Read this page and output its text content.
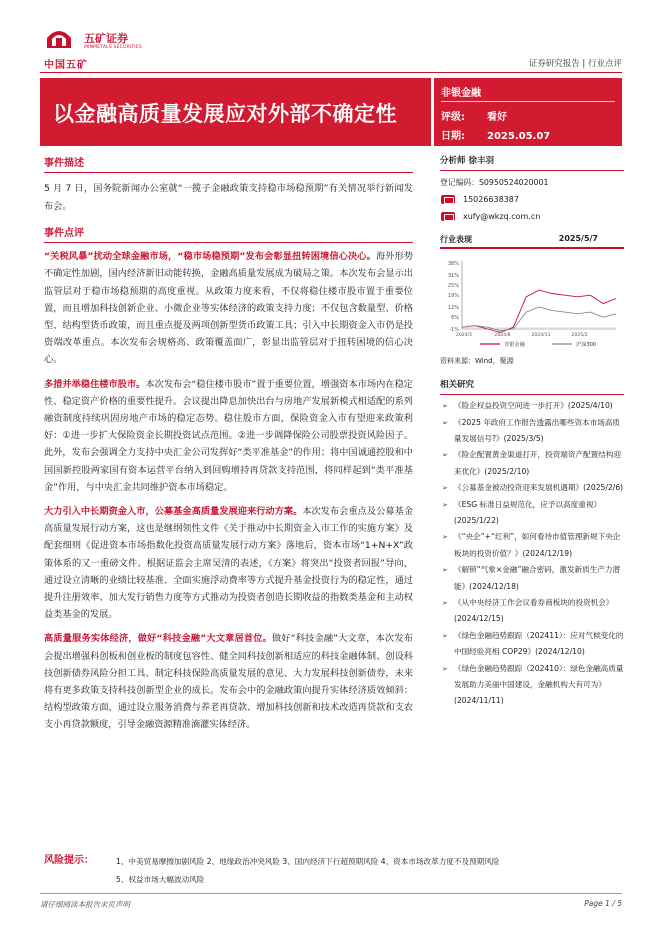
中国五矿
五矿证券
MINMETALS SECURITIES
证券研究报告 | 行业点评
以金融高质量发展应对外部不确定性
非银金融
评级: 看好
日期: 2025.05.07
事件描述

5 月 7 日，国务院新闻办公室就“一揽子金融政策支持稳市场稳预期”有关情况举行新闻发布会。

事件点评

“关税风暴”扰动全球金融市场，“稳市场稳预期”发布会彰显扭转困境信心决心。海外形势不确定性加剧，国内经济新旧动能转换，金融高质量发展成为破局之策。本次发布会显示出监管层对于稳市场稳预期的高度重视。从政策力度来看，不仅将稳住楼市股市置于重要位置，而且增加科技创新企业、小微企业等实体经济的政策支持力度；不仅包含数量型、价格型、结构型货币政策，而且重点提及两项创新型货币政策工具；引入中长期资金入市仍是投资端改革重点。本次发布会规格高、政策覆盖面广，彰显出监管层对于扭转困境的信心决心。

多措并举稳住楼市股市。本次发布会“稳住楼市股市”置于重要位置，增强资本市场内在稳定性、稳定资产价格的重要性提升。会议提出降息加快出台与房地产发展新模式相适配的系列融资制度持续巩固房地产市场的稳定态势。稳住股市方面，保险资金入市有望迎来政策利好：①进一步扩大保险资金长期投资试点范围。②进一步调降保险公司股票投资风险因子。此外，发布会强调全力支持中央汇金公司发挥好“类平准基金”的作用；将中国诚通控股和中国国新控股两家国有资本运营平台纳入到回购增持再贷款支持范围，将同样起到“类平准基金”作用，与中央汇金共同维护资本市场稳定。

大力引入中长期资金入市，公募基金高质量发展迎来行动方案。本次发布会重点及公募基金高质量发展行动方案，这也是继纲领性文件《关于推动中长期资金入市工作的实施方案》及配套细则《促进资本市场指数化投资高质量发展行动方案》落地后，资本市场“1+N+X”政策体系的又一重磅文件。根据证监会主席吴清的表述，《方案》将突出“投资者回报”导向，通过设立清晰的业绩比较基准、全面实施浮动费率等方式提升基金投资行为的稳定性，通过提升注册效率、加大发行销售力度等方式推动为投资者创造长期收益的指数类基金和主动权益类基金的发展。

高质量服务实体经济，做好“科技金融”大文章居首位。做好“科技金融”大文章，本次发布会提出增强科创板和创业板的制度包容性、健全同科技创新相适应的科技金融体制、创设科技创新债券风险分担工具、制定科技保险高质量发展的意见、大力发展科技创新债券，未来将有更多政策支持科技创新型企业的成长。发布会中的金融政策向提升实体经济质效倾斜：结构型政策方面，通过设立服务消费与养老再贷款、增加科技创新和技术改造再贷款和支农支小再贷款额度，引导金融资源精准滴灌实体经济。

分析师 徐丰羽
登记编码：S0950524020001
15026638387
xufy@wkzq.com.cn
行业表现	2025/5/7
-1%
6%
12%
19%
25%
31%
38%
2024/5	2024/8	2024/11	2025/2
非银金融	沪深300
资料来源：Wind，聚源
相关研究
➢ 《险企权益投资空间进一步打开》(2025/4/10)
➢ 《2025 年政府工作报告透露出哪些资本市场高质量发展信号?》(2025/3/5)
➢ 《险企配置黄金渠道打开，投资端资产配置结构迎来优化》(2025/2/10)
➢ 《公募基金被动投资迎来发展机遇期》(2025/2/6)
➢ 《ESG 标准日益规范化，应予以高度重视》(2025/1/22)
➢ 《“央企”+“红利”，如何看待市值管理新规下央企板块的投资价值？》(2024/12/19)
➢ 《解锁“气象×金融”融合密码，激发新质生产力潜能》(2024/12/18)
➢ 《从中央经济工作会议看券商板块的投资机会》(2024/12/15)
➢ 《绿色金融趋势跟踪（202411）：应对气候变化的中国经验亮相 COP29》(2024/12/10)
➢ 《绿色金融趋势跟踪（202410）：绿色金融高质量发展助力美丽中国建设，金融机构大有可为》(2024/11/11)
风险提示：	1、中美贸易摩擦加剧风险 2、地缘政治冲突风险 3、国内经济下行超预期风险 4、资本市场改革力度不及预期风险
5、权益市场大幅波动风险
请仔细阅读本报告末页声明	Page 1 / 5
